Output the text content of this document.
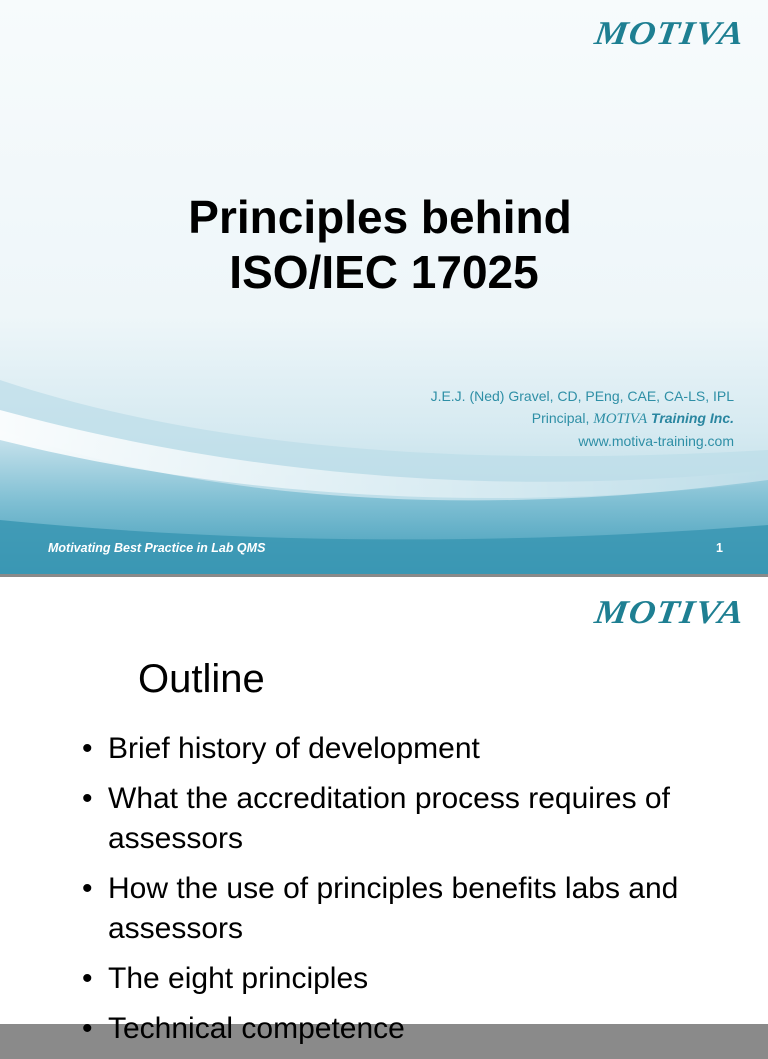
MOTIVA
Principles behind
ISO/IEC 17025
J.E.J. (Ned) Gravel, CD, PEng, CAE, CA-LS, IPL
Principal, MOTIVA Training Inc.
www.motiva-training.com
Motivating Best Practice in Lab QMS	1
MOTIVA
Outline
• Brief history of development
• What the accreditation process requires of assessors
• How the use of principles benefits labs and assessors
• The eight principles
• Technical competence
